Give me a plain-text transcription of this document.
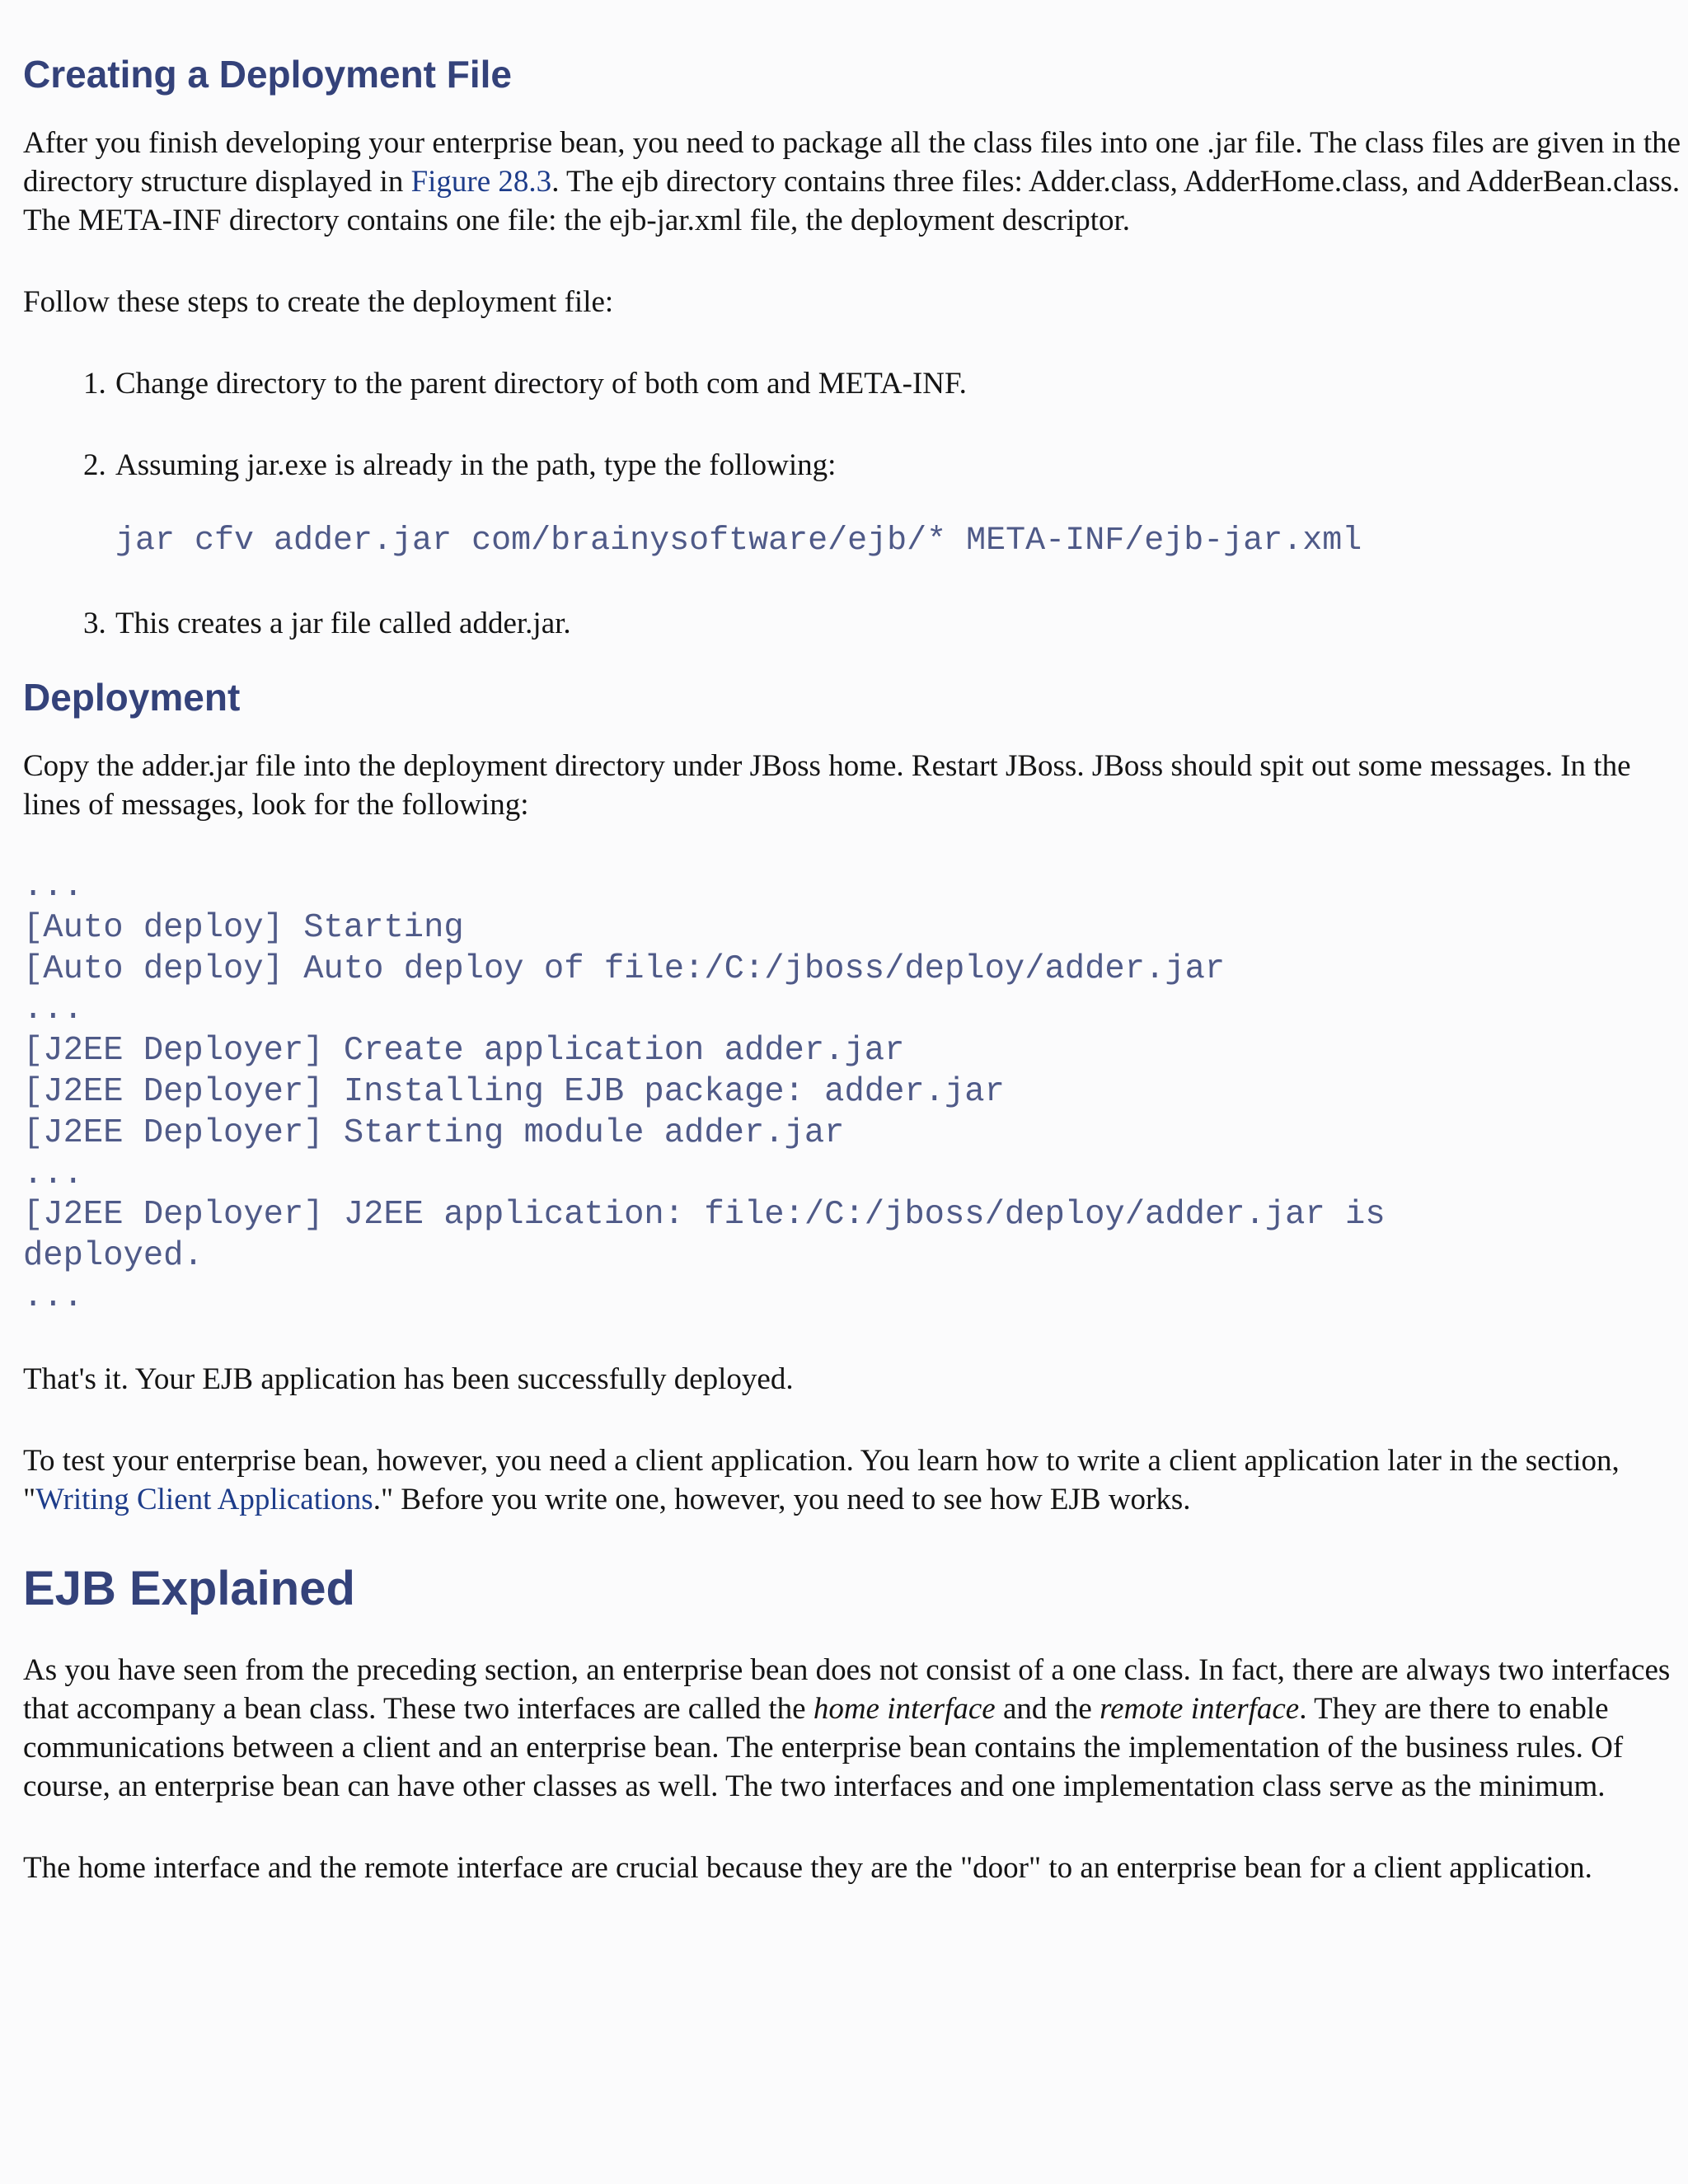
Creating a Deployment File

After you finish developing your enterprise bean, you need to package all the class files into one .jar file. The class files are given in the directory structure displayed in Figure 28.3. The ejb directory contains three files: Adder.class, AdderHome.class, and AdderBean.class. The META-INF directory contains one file: the ejb-jar.xml file, the deployment descriptor.

Follow these steps to create the deployment file:

1. Change directory to the parent directory of both com and META-INF.
2. Assuming jar.exe is already in the path, type the following:
jar cfv adder.jar com/brainysoftware/ejb/* META-INF/ejb-jar.xml
3. This creates a jar file called adder.jar.
Deployment

Copy the adder.jar file into the deployment directory under JBoss home. Restart JBoss. JBoss should spit out some messages. In the lines of messages, look for the following:

...
[Auto deploy] Starting
[Auto deploy] Auto deploy of file:/C:/jboss/deploy/adder.jar
...
[J2EE Deployer] Create application adder.jar
[J2EE Deployer] Installing EJB package: adder.jar
[J2EE Deployer] Starting module adder.jar
...
[J2EE Deployer] J2EE application: file:/C:/jboss/deploy/adder.jar is
deployed.
...

That's it. Your EJB application has been successfully deployed.

To test your enterprise bean, however, you need a client application. You learn how to write a client application later in the section, "Writing Client Applications." Before you write one, however, you need to see how EJB works.

EJB Explained

As you have seen from the preceding section, an enterprise bean does not consist of a one class. In fact, there are always two interfaces that accompany a bean class. These two interfaces are called the home interface and the remote interface. They are there to enable communications between a client and an enterprise bean. The enterprise bean contains the implementation of the business rules. Of course, an enterprise bean can have other classes as well. The two interfaces and one implementation class serve as the minimum.

The home interface and the remote interface are crucial because they are the "door" to an enterprise bean for a client application.
